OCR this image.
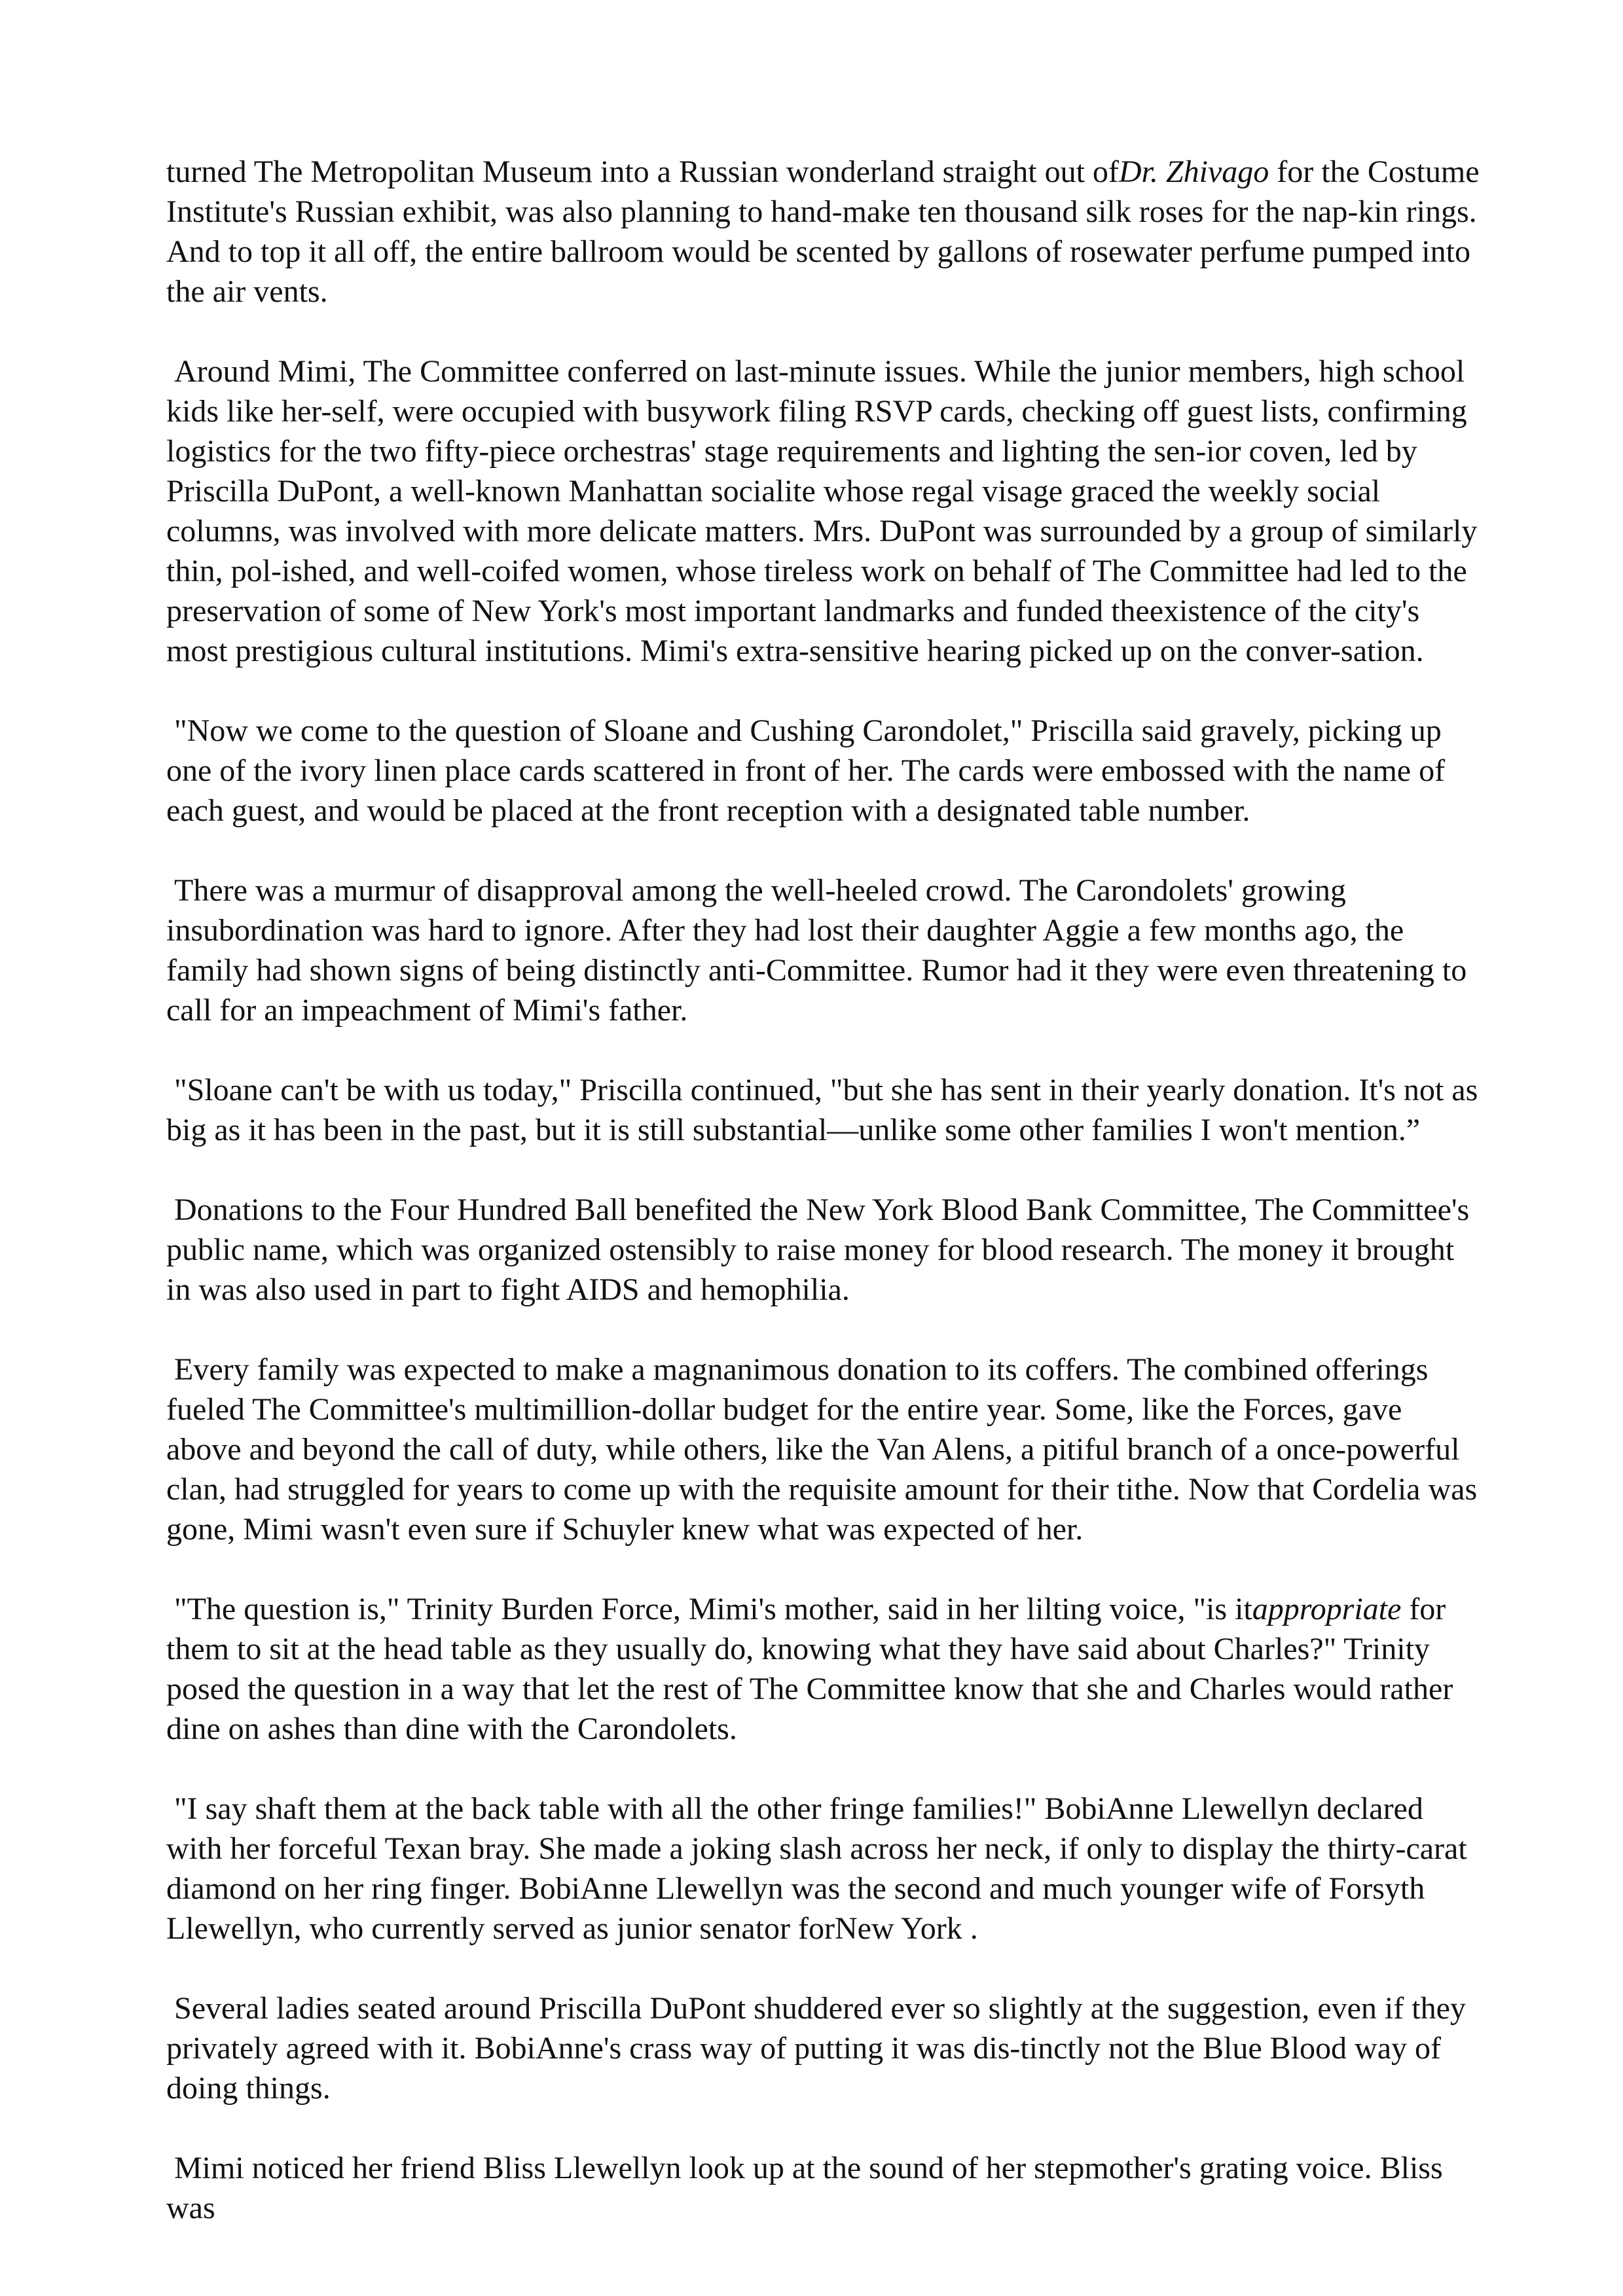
turned The Metropolitan Museum into a Russian wonderland straight out ofDr. Zhivago for the Costume Institute's Russian exhibit, was also planning to hand-make ten thousand silk roses for the nap-kin rings. And to top it all off, the entire ballroom would be scented by gallons of rosewater perfume pumped into the air vents.

Around Mimi, The Committee conferred on last-minute issues. While the junior members, high school kids like her-self, were occupied with busywork filing RSVP cards, checking off guest lists, confirming logistics for the two fifty-piece orchestras' stage requirements and lighting the sen-ior coven, led by Priscilla DuPont, a well-known Manhattan socialite whose regal visage graced the weekly social columns, was involved with more delicate matters. Mrs. DuPont was surrounded by a group of similarly thin, pol-ished, and well-coifed women, whose tireless work on behalf of The Committee had led to the preservation of some of New York's most important landmarks and funded theexistence of the city's most prestigious cultural institutions. Mimi's extra-sensitive hearing picked up on the conver-sation.

"Now we come to the question of Sloane and Cushing Carondolet," Priscilla said gravely, picking up one of the ivory linen place cards scattered in front of her. The cards were embossed with the name of each guest, and would be placed at the front reception with a designated table number.

There was a murmur of disapproval among the well-heeled crowd. The Carondolets' growing insubordination was hard to ignore. After they had lost their daughter Aggie a few months ago, the family had shown signs of being distinctly anti-Committee. Rumor had it they were even threatening to call for an impeachment of Mimi's father.

"Sloane can't be with us today," Priscilla continued, "but she has sent in their yearly donation. It's not as big as it has been in the past, but it is still substantial—unlike some other families I won't mention.”

Donations to the Four Hundred Ball benefited the New York Blood Bank Committee, The Committee's public name, which was organized ostensibly to raise money for blood research. The money it brought in was also used in part to fight AIDS and hemophilia.

Every family was expected to make a magnanimous donation to its coffers. The combined offerings fueled The Committee's multimillion-dollar budget for the entire year. Some, like the Forces, gave above and beyond the call of duty, while others, like the Van Alens, a pitiful branch of a once-powerful clan, had struggled for years to come up with the requisite amount for their tithe. Now that Cordelia was gone, Mimi wasn't even sure if Schuyler knew what was expected of her.

"The question is," Trinity Burden Force, Mimi's mother, said in her lilting voice, "is itappropriate for them to sit at the head table as they usually do, knowing what they have said about Charles?" Trinity posed the question in a way that let the rest of The Committee know that she and Charles would rather dine on ashes than dine with the Carondolets.

"I say shaft them at the back table with all the other fringe families!" BobiAnne Llewellyn declared with her forceful Texan bray. She made a joking slash across her neck, if only to display the thirty-carat diamond on her ring finger. BobiAnne Llewellyn was the second and much younger wife of Forsyth Llewellyn, who currently served as junior senator forNew York .

Several ladies seated around Priscilla DuPont shuddered ever so slightly at the suggestion, even if they privately agreed with it. BobiAnne's crass way of putting it was dis-tinctly not the Blue Blood way of doing things.

Mimi noticed her friend Bliss Llewellyn look up at the sound of her stepmother's grating voice. Bliss was
